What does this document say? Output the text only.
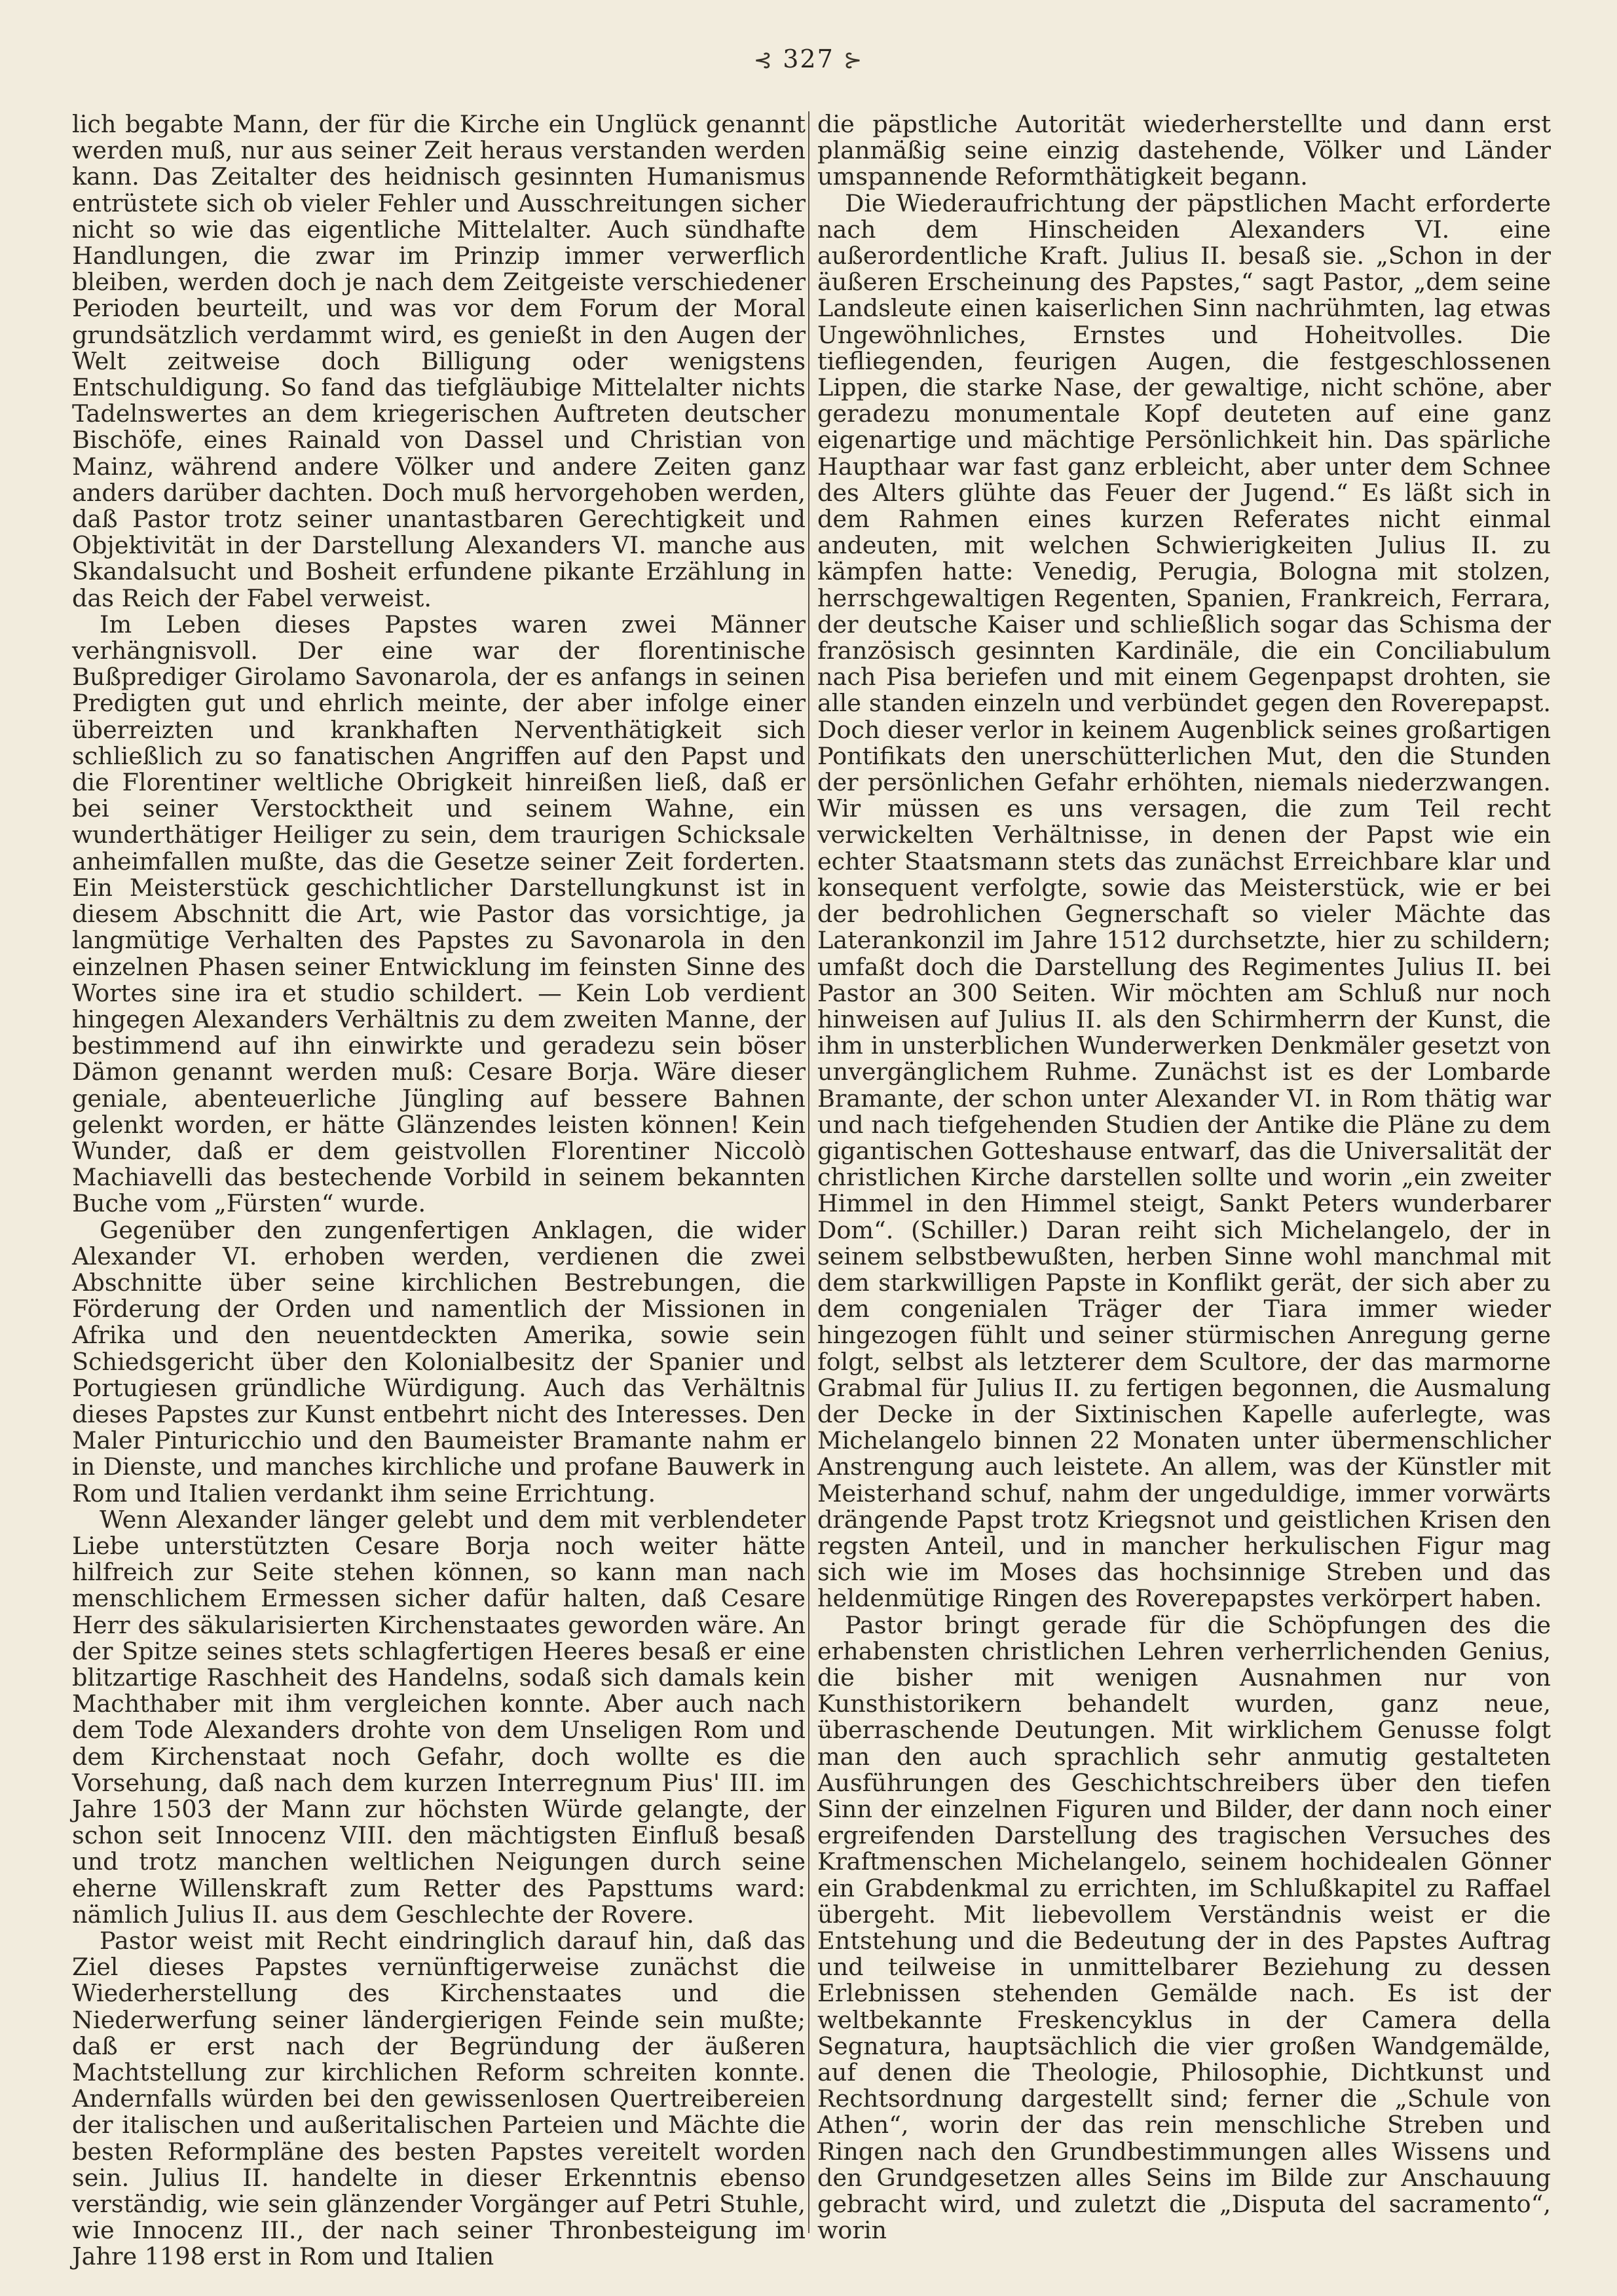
⊰ 327 ⊱

lich begabte Mann, der für die Kirche ein Unglück genannt werden muß, nur aus seiner Zeit heraus verstanden werden kann. Das Zeitalter des heidnisch gesinnten Humanismus entrüstete sich ob vieler Fehler und Ausschreitungen sicher nicht so wie das eigentliche Mittelalter. Auch sündhafte Handlungen, die zwar im Prinzip immer verwerflich bleiben, werden doch je nach dem Zeitgeiste verschiedener Perioden beurteilt, und was vor dem Forum der Moral grundsätzlich verdammt wird, es genießt in den Augen der Welt zeitweise doch Billigung oder wenigstens Entschuldigung. So fand das tiefgläubige Mittelalter nichts Tadelnswertes an dem kriegerischen Auftreten deutscher Bischöfe, eines Rainald von Dassel und Christian von Mainz, während andere Völker und andere Zeiten ganz anders darüber dachten. Doch muß hervorgehoben werden, daß Pastor trotz seiner unantastbaren Gerechtigkeit und Objektivität in der Darstellung Alexanders VI. manche aus Skandalsucht und Bosheit erfundene pikante Erzählung in das Reich der Fabel verweist.

Im Leben dieses Papstes waren zwei Männer verhängnisvoll. Der eine war der florentinische Bußprediger Girolamo Savonarola, der es anfangs in seinen Predigten gut und ehrlich meinte, der aber infolge einer überreizten und krankhaften Nerventhätigkeit sich schließlich zu so fanatischen Angriffen auf den Papst und die Florentiner weltliche Obrigkeit hinreißen ließ, daß er bei seiner Verstocktheit und seinem Wahne, ein wunderthätiger Heiliger zu sein, dem traurigen Schicksale anheimfallen mußte, das die Gesetze seiner Zeit forderten. Ein Meisterstück geschichtlicher Darstellungkunst ist in diesem Abschnitt die Art, wie Pastor das vorsichtige, ja langmütige Verhalten des Papstes zu Savonarola in den einzelnen Phasen seiner Entwicklung im feinsten Sinne des Wortes sine ira et studio schildert. — Kein Lob verdient hingegen Alexanders Verhältnis zu dem zweiten Manne, der bestimmend auf ihn einwirkte und geradezu sein böser Dämon genannt werden muß: Cesare Borja. Wäre dieser geniale, abenteuerliche Jüngling auf bessere Bahnen gelenkt worden, er hätte Glänzendes leisten können! Kein Wunder, daß er dem geistvollen Florentiner Niccolò Machiavelli das bestechende Vorbild in seinem bekannten Buche vom „Fürsten“ wurde.

Gegenüber den zungenfertigen Anklagen, die wider Alexander VI. erhoben werden, verdienen die zwei Abschnitte über seine kirchlichen Bestrebungen, die Förderung der Orden und namentlich der Missionen in Afrika und den neuentdeckten Amerika, sowie sein Schiedsgericht über den Kolonialbesitz der Spanier und Portugiesen gründliche Würdigung. Auch das Verhältnis dieses Papstes zur Kunst entbehrt nicht des Interesses. Den Maler Pinturicchio und den Baumeister Bramante nahm er in Dienste, und manches kirchliche und profane Bauwerk in Rom und Italien verdankt ihm seine Errichtung.

Wenn Alexander länger gelebt und dem mit verblendeter Liebe unterstützten Cesare Borja noch weiter hätte hilfreich zur Seite stehen können, so kann man nach menschlichem Ermessen sicher dafür halten, daß Cesare Herr des säkularisierten Kirchenstaates geworden wäre. An der Spitze seines stets schlagfertigen Heeres besaß er eine blitzartige Raschheit des Handelns, sodaß sich damals kein Machthaber mit ihm vergleichen konnte. Aber auch nach dem Tode Alexanders drohte von dem Unseligen Rom und dem Kirchenstaat noch Gefahr, doch wollte es die Vorsehung, daß nach dem kurzen Interregnum Pius' III. im Jahre 1503 der Mann zur höchsten Würde gelangte, der schon seit Innocenz VIII. den mächtigsten Einfluß besaß und trotz manchen weltlichen Neigungen durch seine eherne Willenskraft zum Retter des Papsttums ward: nämlich Julius II. aus dem Geschlechte der Rovere.

Pastor weist mit Recht eindringlich darauf hin, daß das Ziel dieses Papstes vernünftigerweise zunächst die Wiederherstellung des Kirchenstaates und die Niederwerfung seiner ländergierigen Feinde sein mußte; daß er erst nach der Begründung der äußeren Machtstellung zur kirchlichen Reform schreiten konnte. Andernfalls würden bei den gewissenlosen Quertreibereien der italischen und außeritalischen Parteien und Mächte die besten Reformpläne des besten Papstes vereitelt worden sein. Julius II. handelte in dieser Erkenntnis ebenso verständig, wie sein glänzender Vorgänger auf Petri Stuhle, wie Innocenz III., der nach seiner Thronbesteigung im Jahre 1198 erst in Rom und Italien

die päpstliche Autorität wiederherstellte und dann erst planmäßig seine einzig dastehende, Völker und Länder umspannende Reformthätigkeit begann.

Die Wiederaufrichtung der päpstlichen Macht erforderte nach dem Hinscheiden Alexanders VI. eine außerordentliche Kraft. Julius II. besaß sie. „Schon in der äußeren Erscheinung des Papstes,“ sagt Pastor, „dem seine Landsleute einen kaiserlichen Sinn nachrühmten, lag etwas Ungewöhnliches, Ernstes und Hoheitvolles. Die tiefliegenden, feurigen Augen, die festgeschlossenen Lippen, die starke Nase, der gewaltige, nicht schöne, aber geradezu monumentale Kopf deuteten auf eine ganz eigenartige und mächtige Persönlichkeit hin. Das spärliche Haupthaar war fast ganz erbleicht, aber unter dem Schnee des Alters glühte das Feuer der Jugend.“ Es läßt sich in dem Rahmen eines kurzen Referates nicht einmal andeuten, mit welchen Schwierigkeiten Julius II. zu kämpfen hatte: Venedig, Perugia, Bologna mit stolzen, herrschgewaltigen Regenten, Spanien, Frankreich, Ferrara, der deutsche Kaiser und schließlich sogar das Schisma der französisch gesinnten Kardinäle, die ein Conciliabulum nach Pisa beriefen und mit einem Gegenpapst drohten, sie alle standen einzeln und verbündet gegen den Roverepapst. Doch dieser verlor in keinem Augenblick seines großartigen Pontifikats den unerschütterlichen Mut, den die Stunden der persönlichen Gefahr erhöhten, niemals niederzwangen. Wir müssen es uns versagen, die zum Teil recht verwickelten Verhältnisse, in denen der Papst wie ein echter Staatsmann stets das zunächst Erreichbare klar und konsequent verfolgte, sowie das Meisterstück, wie er bei der bedrohlichen Gegnerschaft so vieler Mächte das Laterankonzil im Jahre 1512 durchsetzte, hier zu schildern; umfaßt doch die Darstellung des Regimentes Julius II. bei Pastor an 300 Seiten. Wir möchten am Schluß nur noch hinweisen auf Julius II. als den Schirmherrn der Kunst, die ihm in unsterblichen Wunderwerken Denkmäler gesetzt von unvergänglichem Ruhme. Zunächst ist es der Lombarde Bramante, der schon unter Alexander VI. in Rom thätig war und nach tiefgehenden Studien der Antike die Pläne zu dem gigantischen Gotteshause entwarf, das die Universalität der christlichen Kirche darstellen sollte und worin „ein zweiter Himmel in den Himmel steigt, Sankt Peters wunderbarer Dom“. (Schiller.) Daran reiht sich Michelangelo, der in seinem selbstbewußten, herben Sinne wohl manchmal mit dem starkwilligen Papste in Konflikt gerät, der sich aber zu dem congenialen Träger der Tiara immer wieder hingezogen fühlt und seiner stürmischen Anregung gerne folgt, selbst als letzterer dem Scultore, der das marmorne Grabmal für Julius II. zu fertigen begonnen, die Ausmalung der Decke in der Sixtinischen Kapelle auferlegte, was Michelangelo binnen 22 Monaten unter übermenschlicher Anstrengung auch leistete. An allem, was der Künstler mit Meisterhand schuf, nahm der ungeduldige, immer vorwärts drängende Papst trotz Kriegsnot und geistlichen Krisen den regsten Anteil, und in mancher herkulischen Figur mag sich wie im Moses das hochsinnige Streben und das heldenmütige Ringen des Roverepapstes verkörpert haben.

Pastor bringt gerade für die Schöpfungen des die erhabensten christlichen Lehren verherrlichenden Genius, die bisher mit wenigen Ausnahmen nur von Kunsthistorikern behandelt wurden, ganz neue, überraschende Deutungen. Mit wirklichem Genusse folgt man den auch sprachlich sehr anmutig gestalteten Ausführungen des Geschichtschreibers über den tiefen Sinn der einzelnen Figuren und Bilder, der dann noch einer ergreifenden Darstellung des tragischen Versuches des Kraftmenschen Michelangelo, seinem hochidealen Gönner ein Grabdenkmal zu errichten, im Schlußkapitel zu Raffael übergeht. Mit liebevollem Verständnis weist er die Entstehung und die Bedeutung der in des Papstes Auftrag und teilweise in unmittelbarer Beziehung zu dessen Erlebnissen stehenden Gemälde nach. Es ist der weltbekannte Freskencyklus in der Camera della Segnatura, hauptsächlich die vier großen Wandgemälde, auf denen die Theologie, Philosophie, Dichtkunst und Rechtsordnung dargestellt sind; ferner die „Schule von Athen“, worin der das rein menschliche Streben und Ringen nach den Grundbestimmungen alles Wissens und den Grundgesetzen alles Seins im Bilde zur Anschauung gebracht wird, und zuletzt die „Disputa del sacramento“, worin
